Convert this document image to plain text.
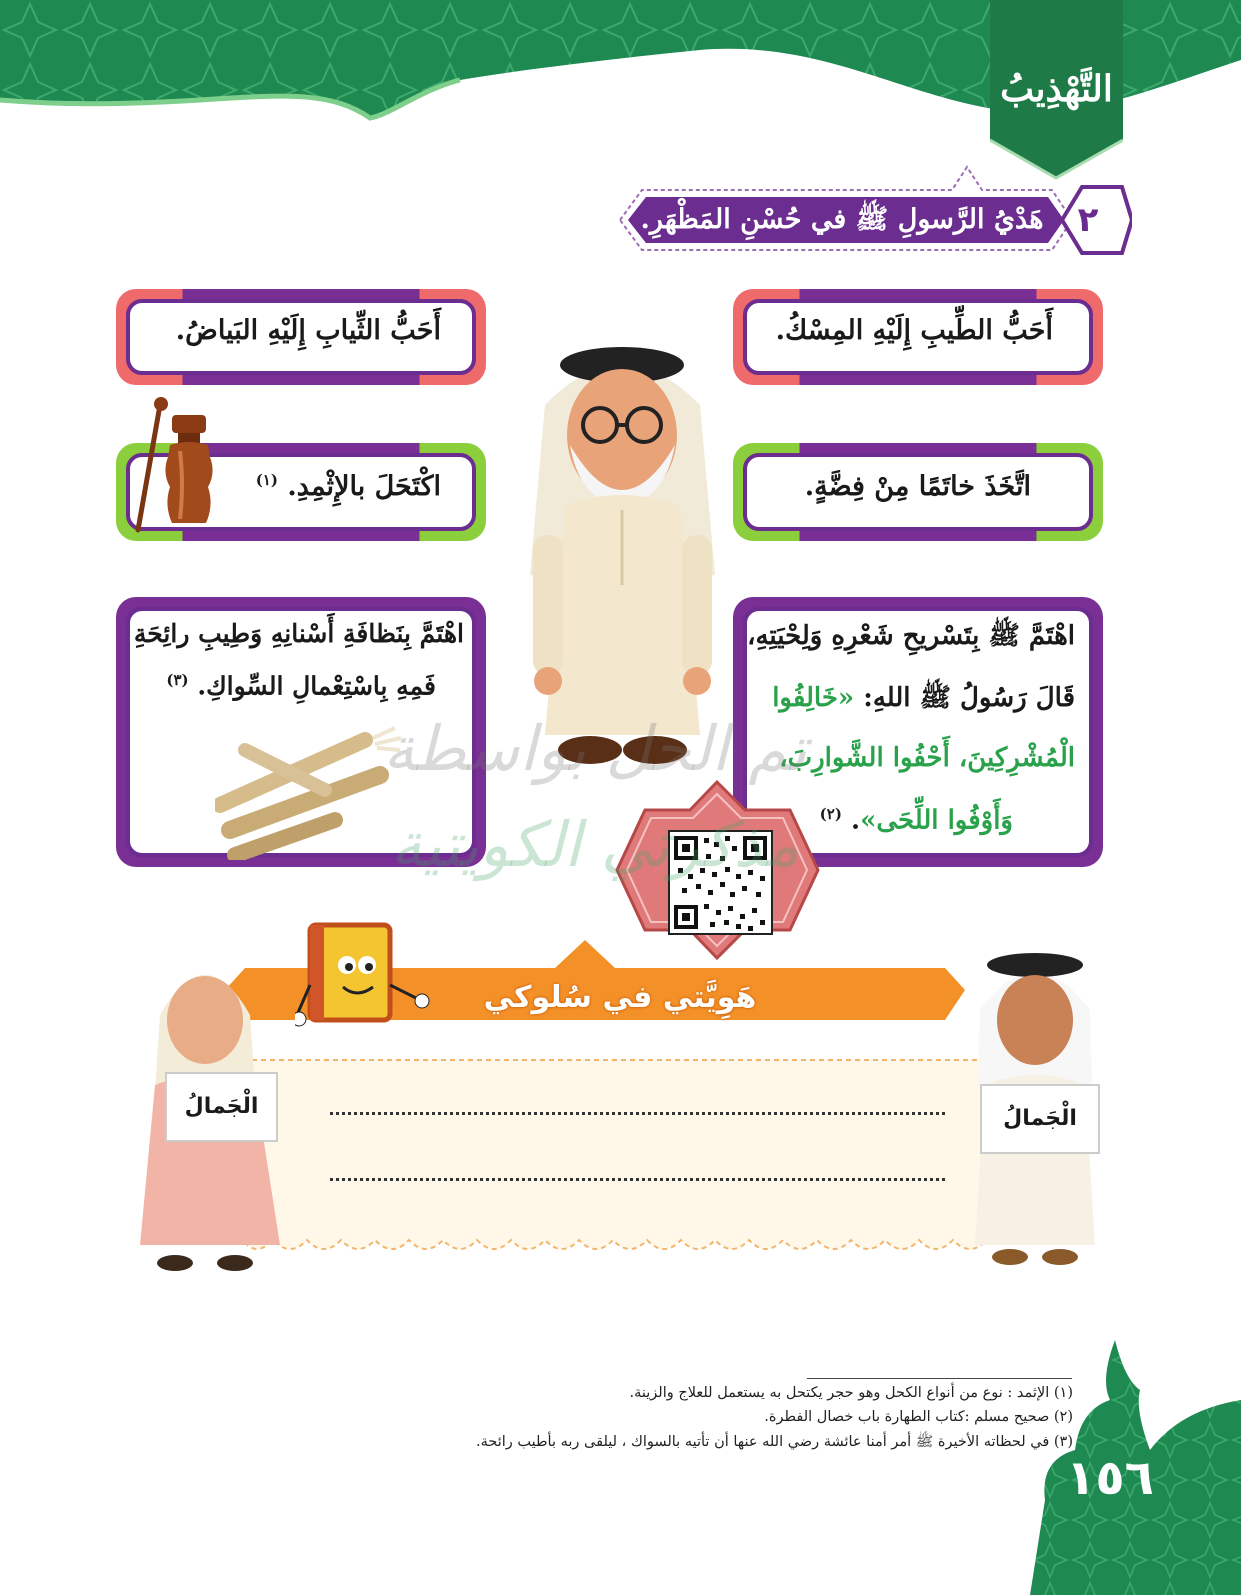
التَّهْذِيبُ
٢
هَدْيُ الرَّسولِ ﷺ في حُسْنِ المَظْهَرِ.
أَحَبُّ الطِّيبِ إِلَيْهِ المِسْكُ.
أَحَبُّ الثِّيابِ إِلَيْهِ البَياضُ.
اتَّخَذَ خاتَمًا مِنْ فِضَّةٍ.
اكْتَحَلَ بالإِثْمِدِ. $^{(١)}$
اهْتَمَّ ﷺ بِتَسْريحِ شَعْرِهِ وَلِحْيَتِهِ،
قَالَ رَسُولُ ﷺ اللهِ: «خَالِفُوا
الْمُشْرِكِينَ، أَحْفُوا الشَّوارِبَ،
وَأَوْفُوا اللِّحَى». $^{(٢)}$
اهْتَمَّ بِنَظافَةِ أَسْنانِهِ وَطِيبِ رائِحَةِ
فَمِهِ بِاسْتِعْمالِ السِّواكِ. $^{(٣)}$
تم الحل بواسطة
مذكرتي الكويتية
هَوِيَّتي في سُلوكي
الْجَمالُ	الْجَمالُ
(١) الإثمد : نوع من أنواع الكحل وهو حجر يكتحل به يستعمل للعلاج والزينة.
(٢) صحيح مسلم :كتاب الطهارة باب خصال الفطرة.
(٣) في لحظاته الأخيرة ﷺ أمر أمنا عائشة رضي الله عنها أن تأتيه بالسواك ، ليلقى ربه بأطيب رائحة.
١٥٦
